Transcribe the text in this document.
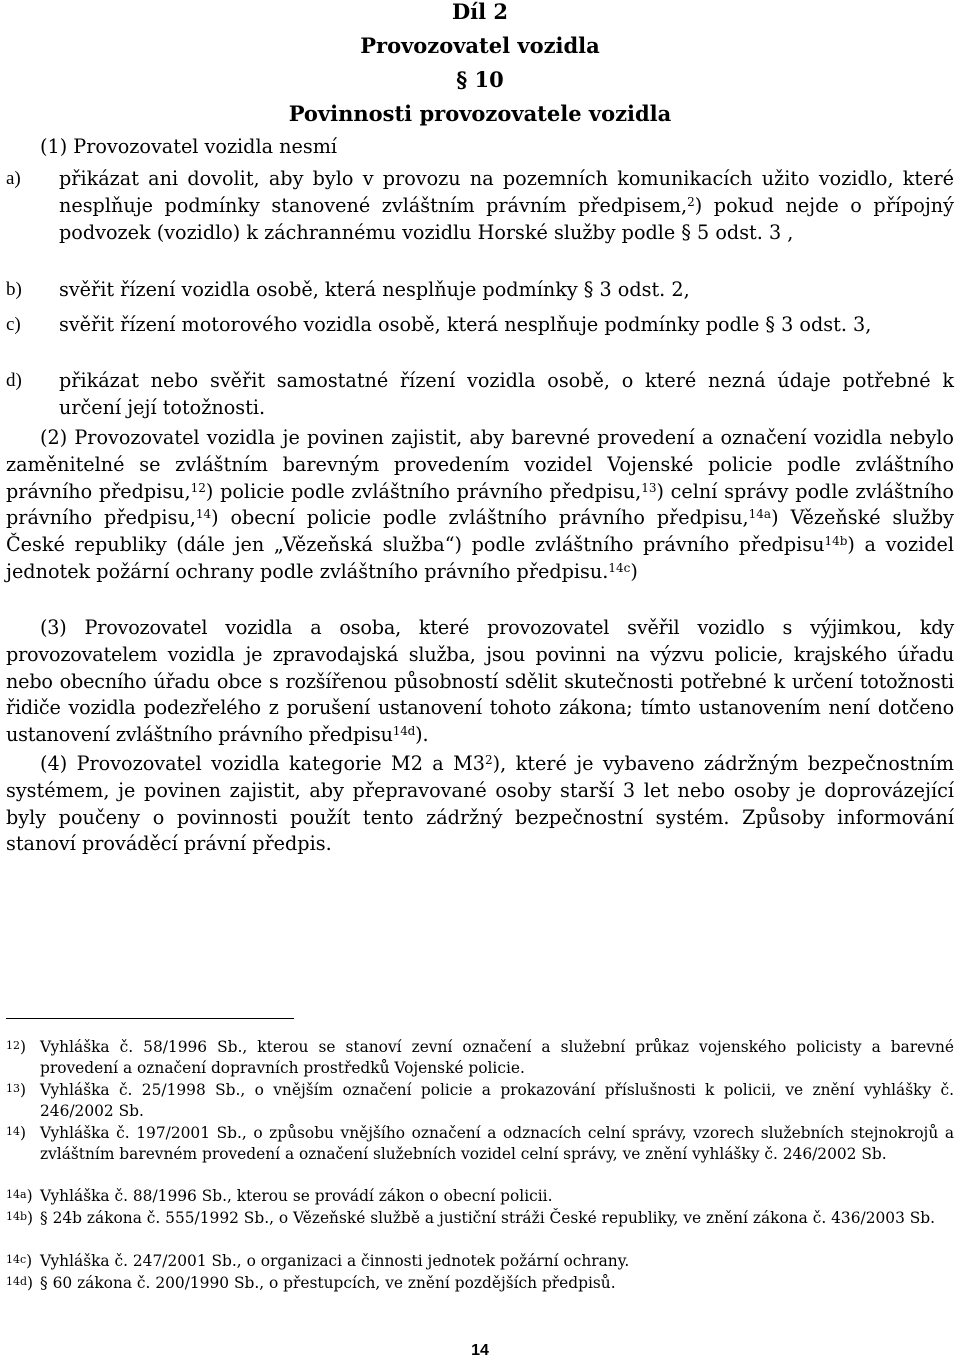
Díl 2
Provozovatel vozidla
§ 10
Povinnosti provozovatele vozidla
(1) Provozovatel vozidla nesmí
a)	přikázat ani dovolit, aby bylo v provozu na pozemních komunikacích užito vozidlo, které nesplňuje podmínky stanovené zvláštním právním předpisem,$^2$) pokud nejde o přípojný podvozek (vozidlo) k záchrannému vozidlu Horské služby podle § 5 odst. 3 ,
b)	svěřit řízení vozidla osobě, která nesplňuje podmínky § 3 odst. 2,
c)	svěřit řízení motorového vozidla osobě, která nesplňuje podmínky podle § 3 odst. 3,
d)	přikázat nebo svěřit samostatné řízení vozidla osobě, o které nezná údaje potřebné k určení její totožnosti.
(2) Provozovatel vozidla je povinen zajistit, aby barevné provedení a označení vozidla nebylo zaměnitelné se zvláštním barevným provedením vozidel Vojenské policie podle zvláštního právního předpisu,$^{12}$) policie podle zvláštního právního předpisu,$^{13}$) celní správy podle zvláštního právního předpisu,$^{14}$) obecní policie podle zvláštního právního předpisu,$^{14a}$) Vězeňské služby České republiky (dále jen „Vězeňská služba“) podle zvláštního právního předpisu$^{14b}$) a vozidel jednotek požární ochrany podle zvláštního právního předpisu.$^{14c}$)
(3) Provozovatel vozidla a osoba, které provozovatel svěřil vozidlo s výjimkou, kdy provozovatelem vozidla je zpravodajská služba, jsou povinni na výzvu policie, krajského úřadu nebo obecního úřadu obce s rozšířenou působností sdělit skutečnosti potřebné k určení totožnosti řidiče vozidla podezřelého z porušení ustanovení tohoto zákona; tímto ustanovením není dotčeno ustanovení zvláštního právního předpisu$^{14d}$).
(4) Provozovatel vozidla kategorie M2 a $M3^2$), které je vybaveno zádržným bezpečnostním systémem, je povinen zajistit, aby přepravované osoby starší 3 let nebo osoby je doprovázející byly poučeny o povinnosti použít tento zádržný bezpečnostní systém. Způsoby informování stanoví prováděcí právní předpis.
$^{12}$) Vyhláška č. 58/1996 Sb., kterou se stanoví zevní označení a služební průkaz vojenského policisty a barevné provedení a označení dopravních prostředků Vojenské policie.
$^{13}$) Vyhláška č. 25/1998 Sb., o vnějším označení policie a prokazování příslušnosti k policii, ve znění vyhlášky č. 246/2002 Sb.
$^{14}$) Vyhláška č. 197/2001 Sb., o způsobu vnějšího označení a odznacích celní správy, vzorech služebních stejnokrojů a zvláštním barevném provedení a označení služebních vozidel celní správy, ve znění vyhlášky č. 246/2002 Sb.
$^{14a}$) Vyhláška č. 88/1996 Sb., kterou se provádí zákon o obecní policii.
$^{14b}$) § 24b zákona č. 555/1992 Sb., o Vězeňské službě a justiční stráži České republiky, ve znění zákona č. 436/2003 Sb.
$^{14c}$) Vyhláška č. 247/2001 Sb., o organizaci a činnosti jednotek požární ochrany.
$^{14d}$) § 60 zákona č. 200/1990 Sb., o přestupcích, ve znění pozdějších předpisů.
14
